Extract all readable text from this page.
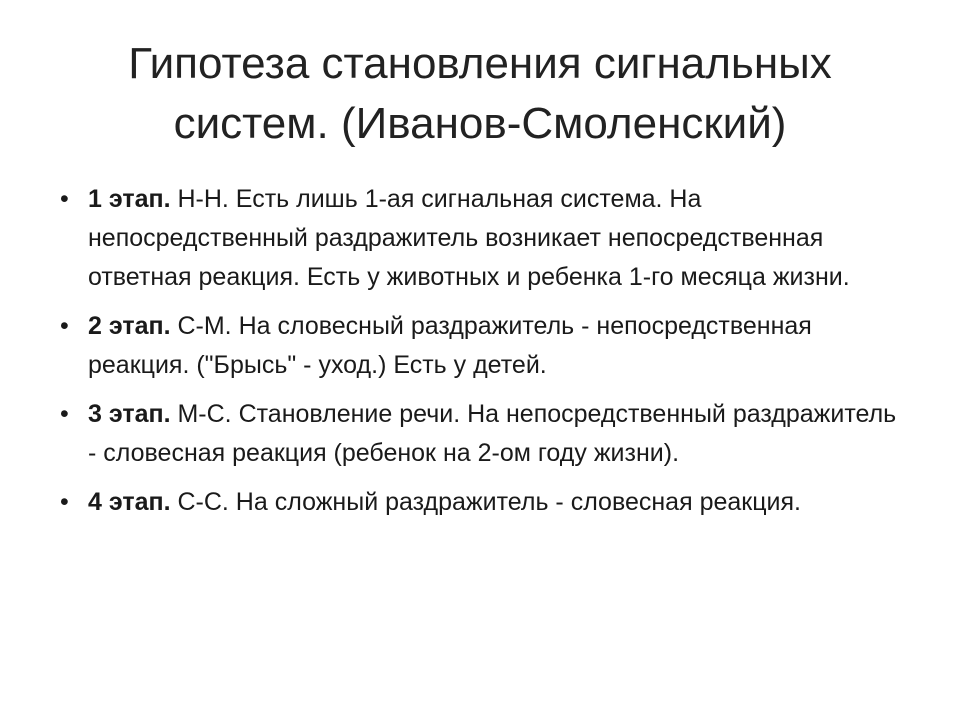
Гипотеза становления сигнальных
систем. (Иванов-Смоленский)
• 1 этап. Н-Н. Есть лишь 1-ая сигнальная система. На непосредственный раздражитель возникает непосредственная ответная реакция. Есть у животных и ребенка 1-го месяца жизни.
• 2 этап. С-М. На словесный раздражитель - непосредственная реакция. ("Брысь" - уход.) Есть у детей.
• 3 этап. М-С. Становление речи. На непосредственный раздражитель - словесная реакция (ребенок на 2-ом году жизни).
• 4 этап. С-С. На сложный раздражитель - словесная реакция.
